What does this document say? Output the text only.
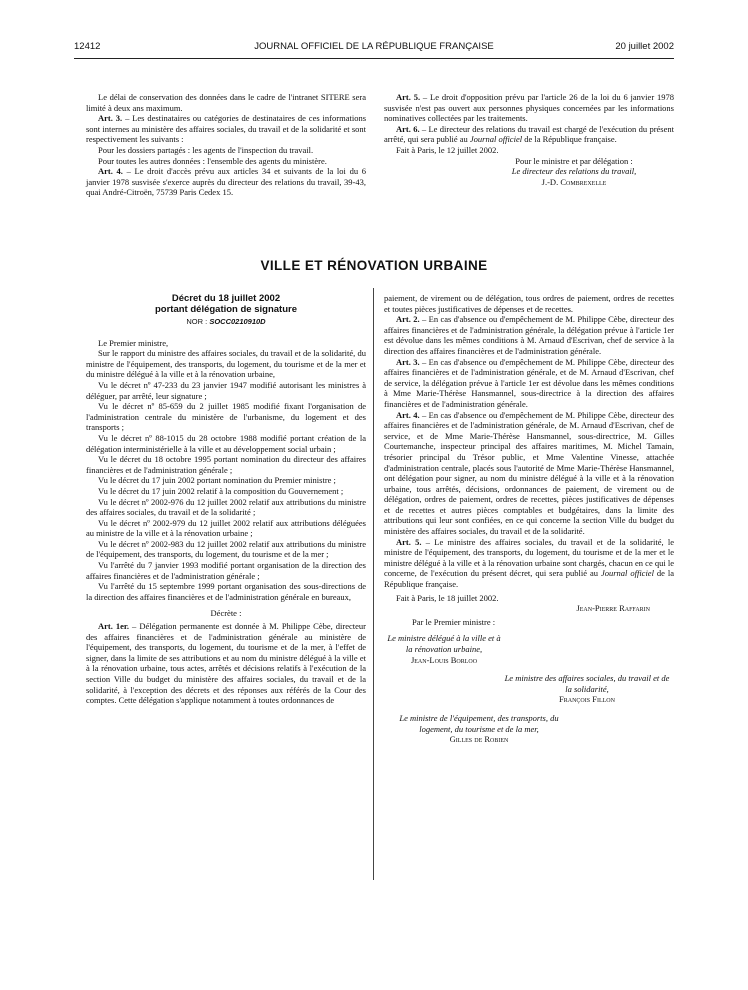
12412	JOURNAL OFFICIEL DE LA RÉPUBLIQUE FRANÇAISE	20 juillet 2002

Le délai de conservation des données dans le cadre de l'intranet SITERE sera limité à deux ans maximum.

Art. 3. – Les destinataires ou catégories de destinataires de ces informations sont internes au ministère des affaires sociales, du travail et de la solidarité et sont respectivement les suivants :

Pour les dossiers partagés : les agents de l'inspection du travail.

Pour toutes les autres données : l'ensemble des agents du ministère.

Art. 4. – Le droit d'accès prévu aux articles 34 et suivants de la loi du 6 janvier 1978 susvisée s'exerce auprès du directeur des relations du travail, 39-43, quai André-Citroën, 75739 Paris Cedex 15.

Art. 5. – Le droit d'opposition prévu par l'article 26 de la loi du 6 janvier 1978 susvisée n'est pas ouvert aux personnes physiques concernées par les informations nominatives collectées par les traitements.

Art. 6. – Le directeur des relations du travail est chargé de l'exécution du présent arrêté, qui sera publié au Journal officiel de la République française.

Fait à Paris, le 12 juillet 2002.

Pour le ministre et par délégation :

Le directeur des relations du travail,

J.-D. Combrexelle

VILLE ET RÉNOVATION URBAINE
Décret du 18 juillet 2002
portant délégation de signature
NOR : SOCC0210910D

Le Premier ministre,

Sur le rapport du ministre des affaires sociales, du travail et de la solidarité, du ministre de l'équipement, des transports, du logement, du tourisme et de la mer et du ministre délégué à la ville et à la rénovation urbaine,

Vu le décret nº 47-233 du 23 janvier 1947 modifié autorisant les ministres à déléguer, par arrêté, leur signature ;

Vu le décret nº 85-659 du 2 juillet 1985 modifié fixant l'organisation de l'administration centrale du ministère de l'urbanisme, du logement et des transports ;

Vu le décret nº 88-1015 du 28 octobre 1988 modifié portant création de la délégation interministérielle à la ville et au développement social urbain ;

Vu le décret du 18 octobre 1995 portant nomination du directeur des affaires financières et de l'administration générale ;

Vu le décret du 17 juin 2002 portant nomination du Premier ministre ;

Vu le décret du 17 juin 2002 relatif à la composition du Gouvernement ;

Vu le décret nº 2002-976 du 12 juillet 2002 relatif aux attributions du ministre des affaires sociales, du travail et de la solidarité ;

Vu le décret nº 2002-979 du 12 juillet 2002 relatif aux attributions déléguées au ministre de la ville et à la rénovation urbaine ;

Vu le décret nº 2002-983 du 12 juillet 2002 relatif aux attributions du ministre de l'équipement, des transports, du logement, du tourisme et de la mer ;

Vu l'arrêté du 7 janvier 1993 modifié portant organisation de la direction des affaires financières et de l'administration générale ;

Vu l'arrêté du 15 septembre 1999 portant organisation des sous-directions de la direction des affaires financières et de l'administration générale en bureaux,

Décrète :

Art. 1er. – Délégation permanente est donnée à M. Philippe Cèbe, directeur des affaires financières et de l'administration générale au ministère de l'équipement, des transports, du logement, du tourisme et de la mer, à l'effet de signer, dans la limite de ses attributions et au nom du ministre délégué à la ville et à la rénovation urbaine, tous actes, arrêtés et décisions relatifs à l'exécution de la section Ville du budget du ministère des affaires sociales, du travail et de la solidarité, à l'exception des décrets et des réponses aux référés de la Cour des comptes. Cette délégation s'applique notamment à toutes ordonnances de

paiement, de virement ou de délégation, tous ordres de paiement, ordres de recettes et toutes pièces justificatives de dépenses et de recettes.

Art. 2. – En cas d'absence ou d'empêchement de M. Philippe Cèbe, directeur des affaires financières et de l'administration générale, la délégation prévue à l'article 1er est dévolue dans les mêmes conditions à M. Arnaud d'Escrivan, chef de service à la direction des affaires financières et de l'administration générale.

Art. 3. – En cas d'absence ou d'empêchement de M. Philippe Cèbe, directeur des affaires financières et de l'administration générale, et de M. Arnaud d'Escrivan, chef de service, la délégation prévue à l'article 1er est dévolue dans les mêmes conditions à Mme Marie-Thérèse Hansmannel, sous-directrice à la direction des affaires financières et de l'administration générale.

Art. 4. – En cas d'absence ou d'empêchement de M. Philippe Cèbe, directeur des affaires financières et de l'administration générale, de M. Arnaud d'Escrivan, chef de service, et de Mme Marie-Thérèse Hansmannel, sous-directrice, M. Gilles Courtemanche, inspecteur principal des affaires maritimes, M. Michel Tamain, trésorier principal du Trésor public, et Mme Valentine Vinesse, attachée d'administration centrale, placés sous l'autorité de Mme Marie-Thérèse Hansmannel, ont délégation pour signer, au nom du ministre délégué à la ville et à la rénovation urbaine, tous arrêtés, décisions, ordonnances de paiement, de virement ou de délégation, ordres de paiement, ordres de recettes, pièces justificatives de dépenses et de recettes et autres pièces comptables et budgétaires, dans la limite des attributions qui leur sont confiées, en ce qui concerne la section Ville du budget du ministère des affaires sociales, du travail et de la solidarité.

Art. 5. – Le ministre des affaires sociales, du travail et de la solidarité, le ministre de l'équipement, des transports, du logement, du tourisme et de la mer et le ministre délégué à la ville et à la rénovation urbaine sont chargés, chacun en ce qui le concerne, de l'exécution du présent décret, qui sera publié au Journal officiel de la République française.

Fait à Paris, le 18 juillet 2002.

Jean-Pierre Raffarin

Par le Premier ministre :

Le ministre délégué à la ville et à la rénovation urbaine,

Jean-Louis Borloo

Le ministre des affaires sociales, du travail et de la solidarité,

François Fillon

Le ministre de l'équipement, des transports, du logement, du tourisme et de la mer,

Gilles de Robien
